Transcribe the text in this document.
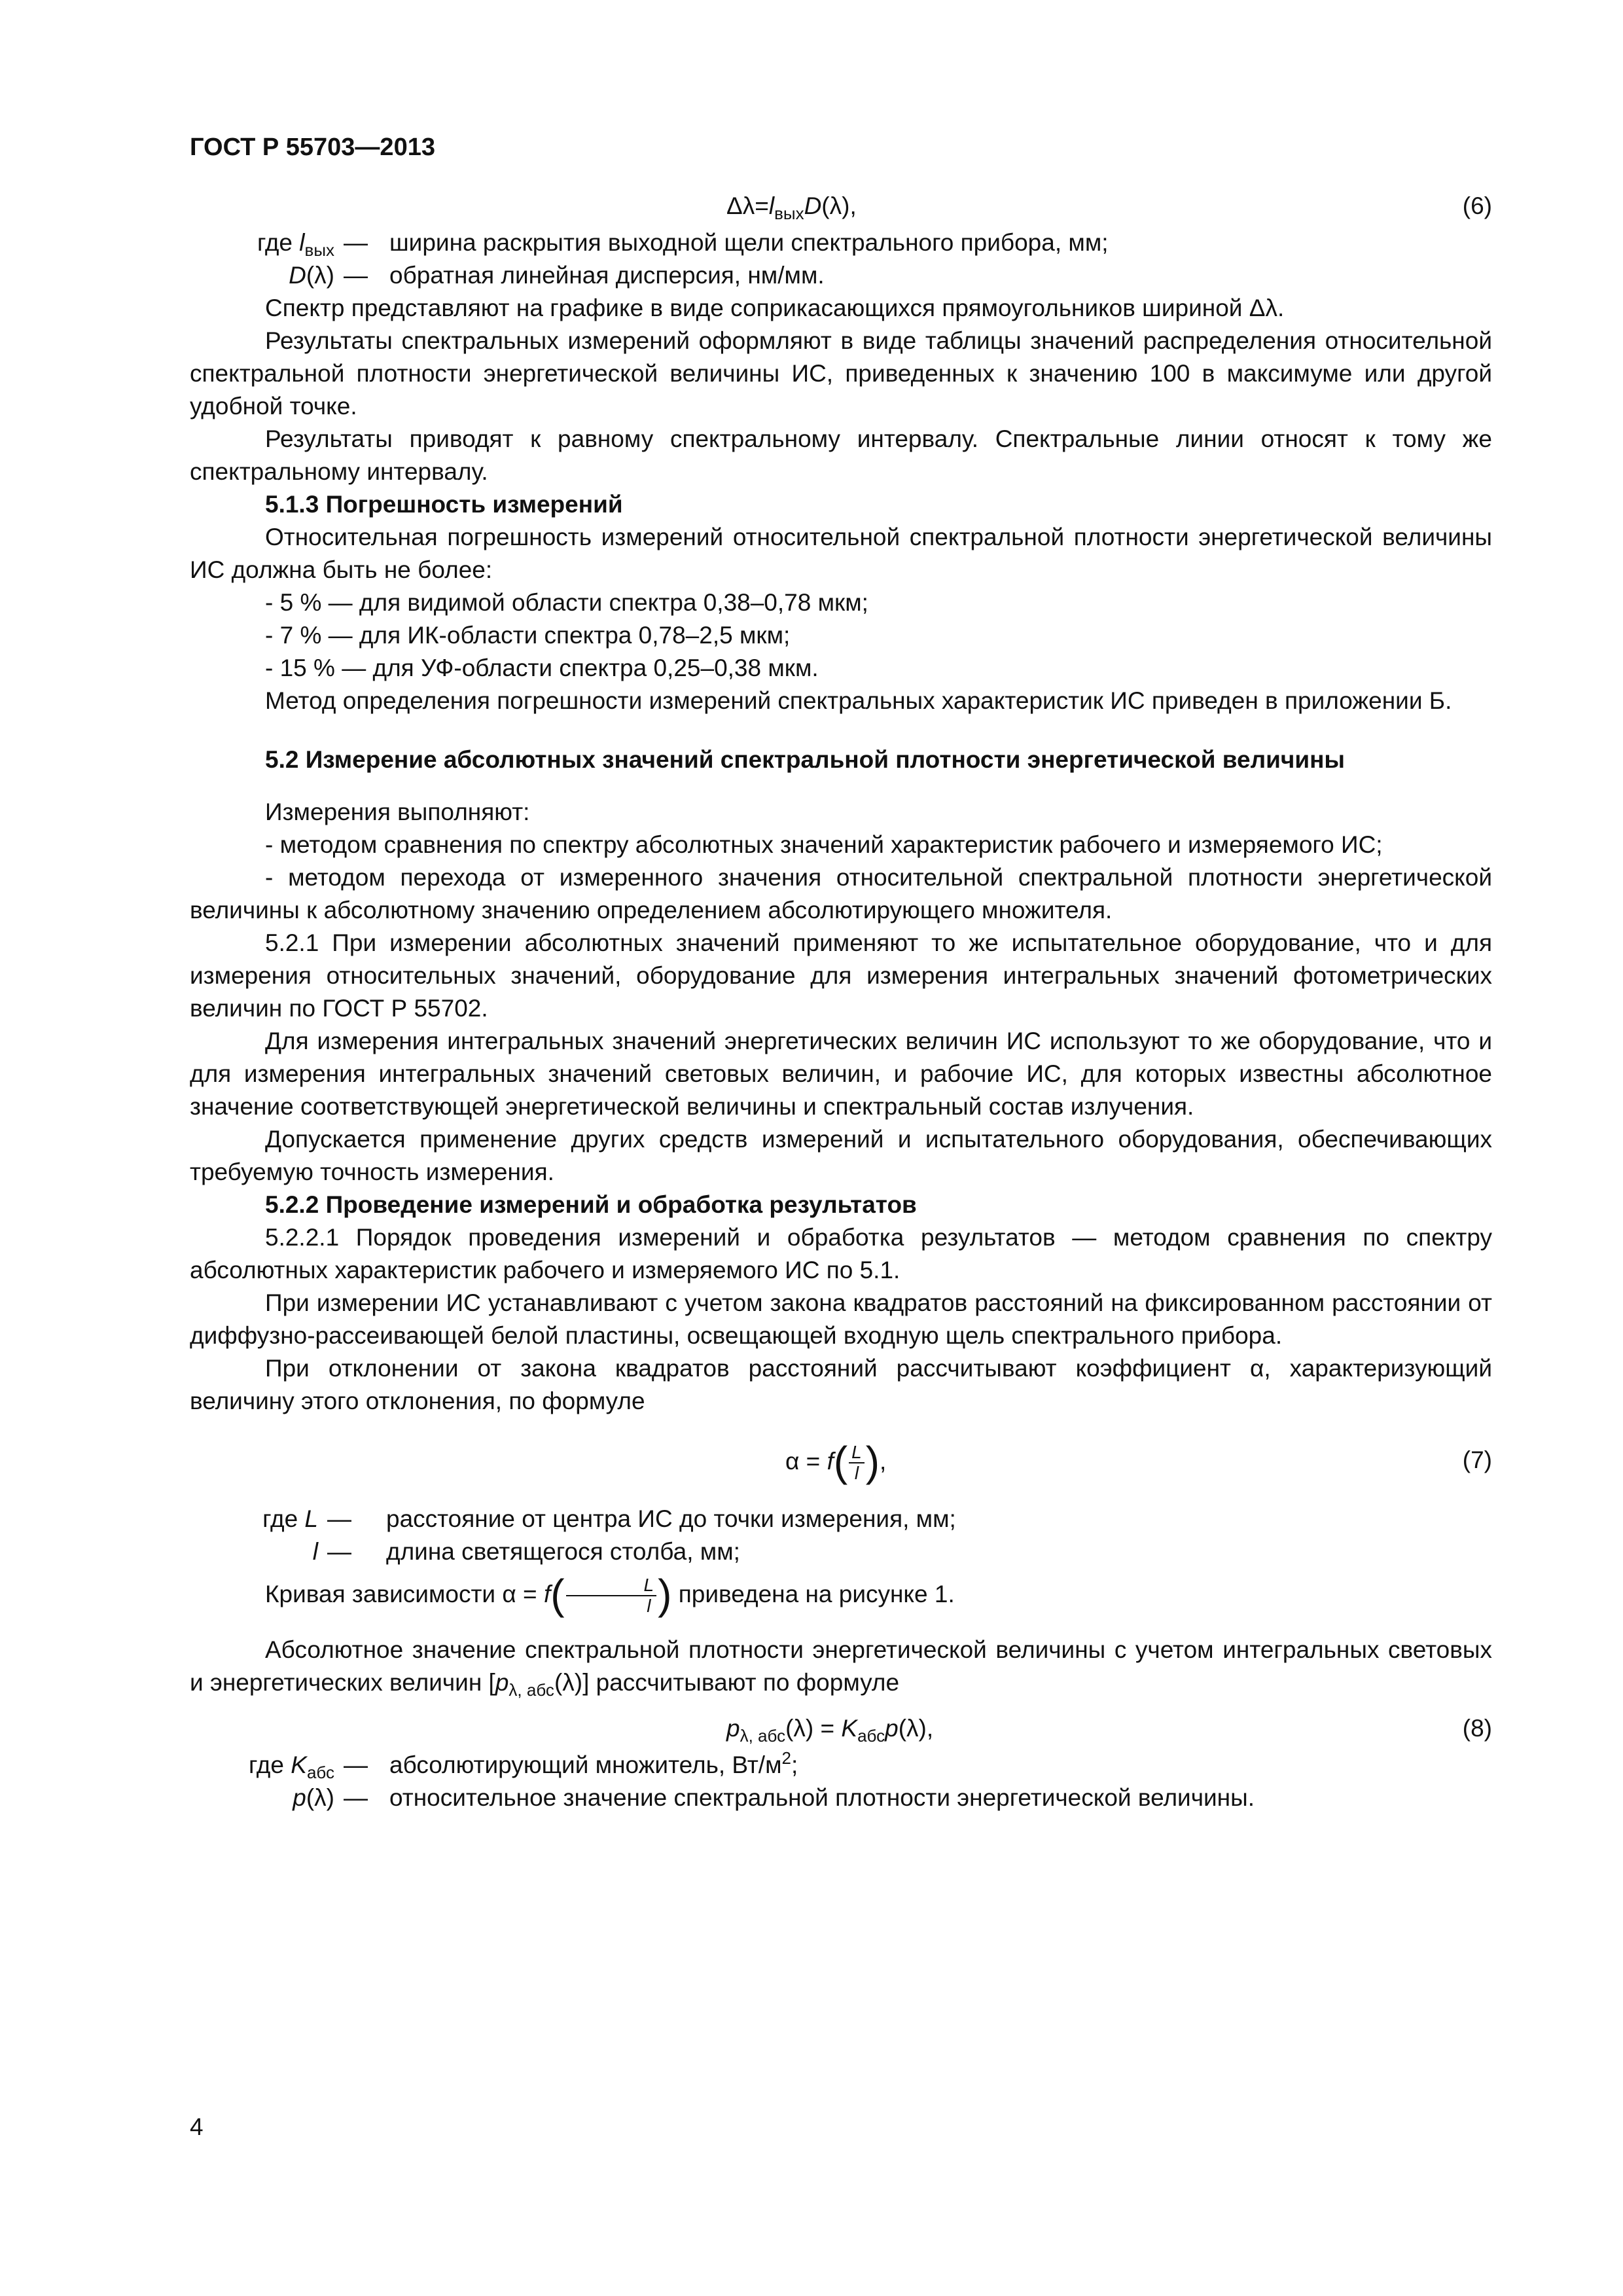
ГОСТ Р 55703—2013
$\Delta\lambda=l_{вых}D(\lambda)$,	(6)
где $l_{вых}$ — ширина раскрытия выходной щели спектрального прибора, мм;
D(λ) — обратная линейная дисперсия, нм/мм.

Спектр представляют на графике в виде соприкасающихся прямоугольников шириной Δλ.

Результаты спектральных измерений оформляют в виде таблицы значений распределения относительной спектральной плотности энергетической величины ИС, приведенных к значению 100 в максимуме или другой удобной точке.

Результаты приводят к равному спектральному интервалу. Спектральные линии относят к тому же спектральному интервалу.

5.1.3 Погрешность измерений

Относительная погрешность измерений относительной спектральной плотности энергетической величины ИС должна быть не более:

- 5 % — для видимой области спектра 0,38–0,78 мкм;

- 7 % — для ИК-области спектра 0,78–2,5 мкм;

- 15 % — для УФ-области спектра 0,25–0,38 мкм.

Метод определения погрешности измерений спектральных характеристик ИС приведен в приложении Б.

5.2 Измерение абсолютных значений спектральной плотности энергетической величины

Измерения выполняют:

- методом сравнения по спектру абсолютных значений характеристик рабочего и измеряемого ИС;

- методом перехода от измеренного значения относительной спектральной плотности энергетической величины к абсолютному значению определением абсолютирующего множителя.

5.2.1 При измерении абсолютных значений применяют то же испытательное оборудование, что и для измерения относительных значений, оборудование для измерения интегральных значений фотометрических величин по ГОСТ Р 55702.

Для измерения интегральных значений энергетических величин ИС используют то же оборудование, что и для измерения интегральных значений световых величин, и рабочие ИС, для которых известны абсолютное значение соответствующей энергетической величины и спектральный состав излучения.

Допускается применение других средств измерений и испытательного оборудования, обеспечивающих требуемую точность измерения.

5.2.2 Проведение измерений и обработка результатов

5.2.2.1 Порядок проведения измерений и обработка результатов — методом сравнения по спектру абсолютных характеристик рабочего и измеряемого ИС по 5.1.

При измерении ИС устанавливают с учетом закона квадратов расстояний на фиксированном расстоянии от диффузно-рассеивающей белой пластины, освещающей входную щель спектрального прибора.

При отклонении от закона квадратов расстояний рассчитывают коэффициент α, характеризующий величину этого отклонения, по формуле

$\alpha = f( \frac{L}{l}$ ),	(7)
где L —	расстояние от центра ИС до точки измерения, мм;
l —	длина светящегося столба, мм;

Кривая зависимости $\alpha = f( \frac{L}{l}$ ) приведена на рисунке 1.

Абсолютное значение спектральной плотности энергетической величины с учетом интегральных световых и энергетических величин $[p_{\lambda, абс}(\lambda)]$ рассчитывают по формуле

$p_{\lambda, абс}(\lambda) = K_{абс}p(\lambda)$,	(8)
где $K_{абс}$ — абсолютирующий множитель, $Вт/м^2$;
p(λ) — относительное значение спектральной плотности энергетической величины.
4
